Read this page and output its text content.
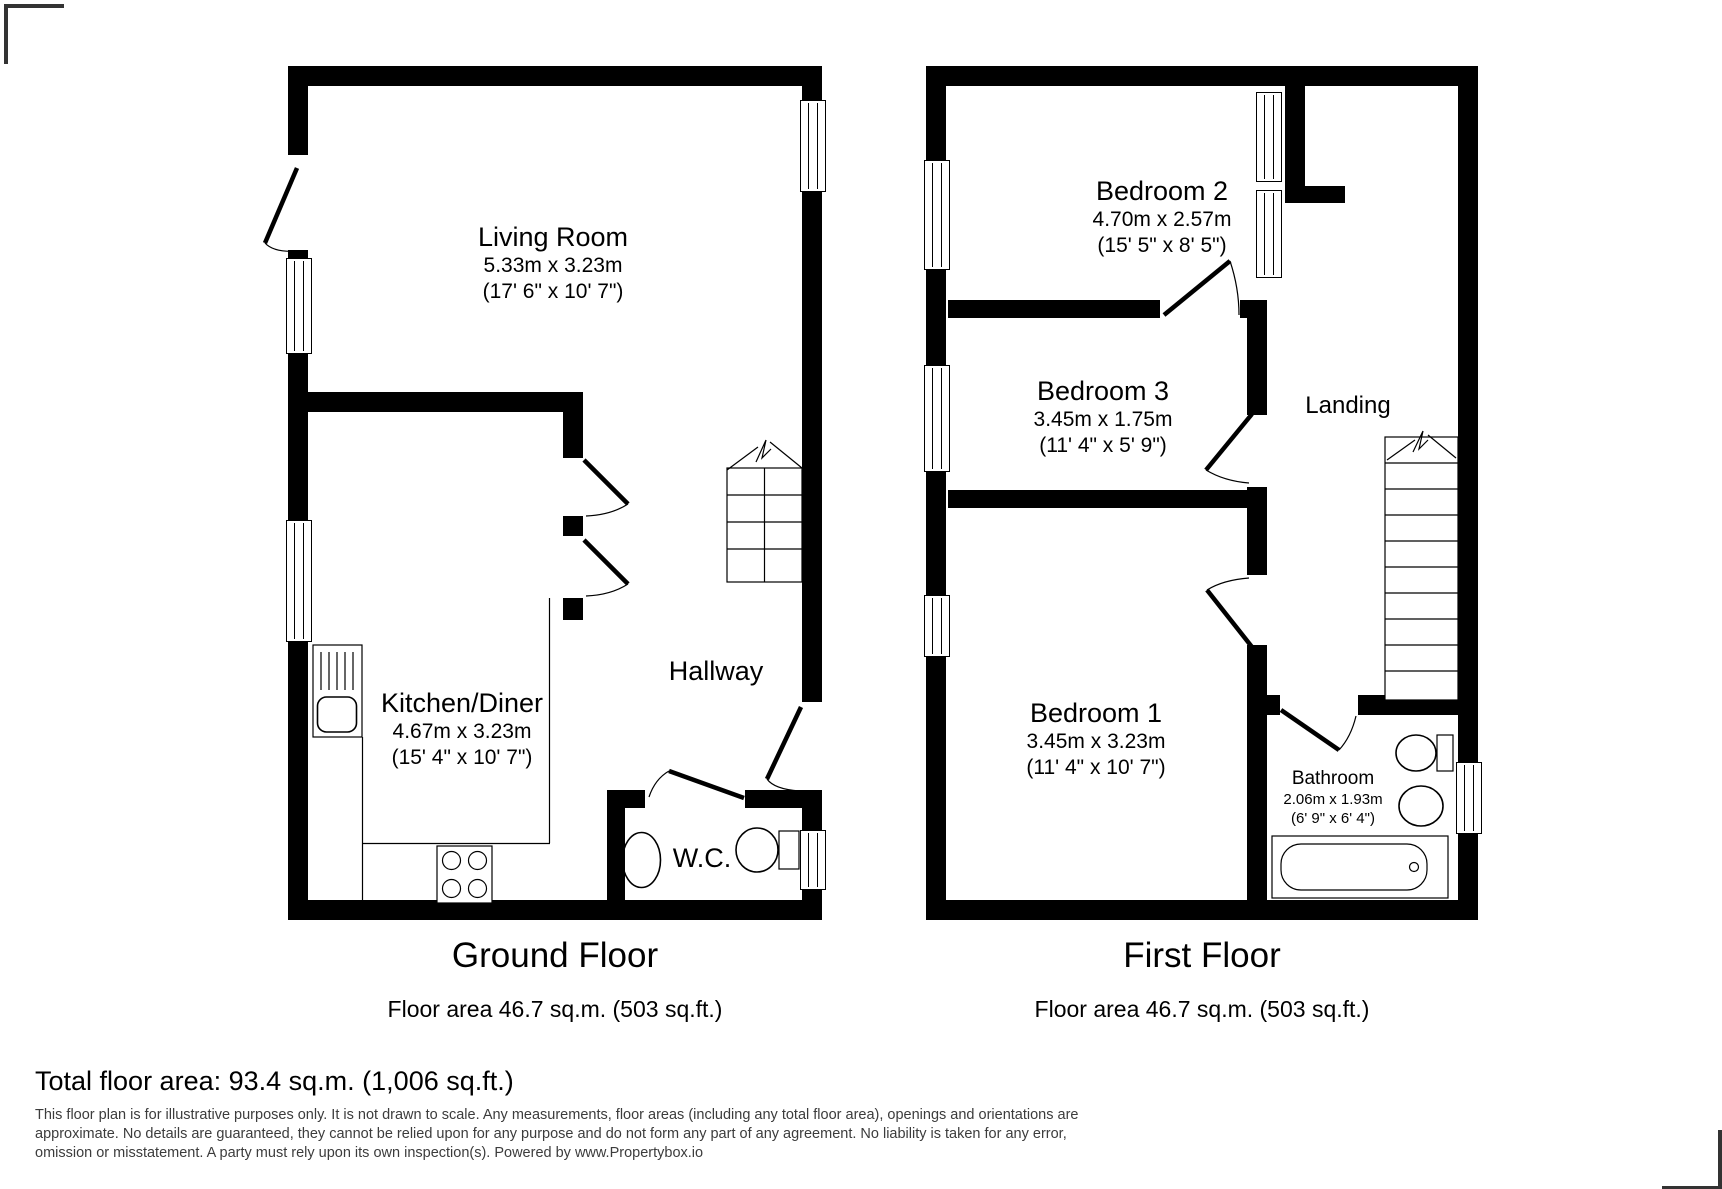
Living Room
5.33m x 3.23m
(17' 6" x 10' 7")
Kitchen/Diner
4.67m x 3.23m
(15' 4" x 10' 7")
Hallway
W.C.
Bedroom 2
4.70m x 2.57m
(15' 5" x 8' 5")
Bedroom 3
3.45m x 1.75m
(11' 4" x 5' 9")
Bedroom 1
3.45m x 3.23m
(11' 4" x 10' 7")
Landing
Bathroom
2.06m x 1.93m
(6' 9" x 6' 4")
Ground Floor
Floor area 46.7 sq.m. (503 sq.ft.)
First Floor
Floor area 46.7 sq.m. (503 sq.ft.)
Total floor area: 93.4 sq.m. (1,006 sq.ft.)
This floor plan is for illustrative purposes only. It is not drawn to scale. Any measurements, floor areas (including any total floor area), openings and orientations are
approximate. No details are guaranteed, they cannot be relied upon for any purpose and do not form any part of any agreement. No liability is taken for any error,
omission or misstatement. A party must rely upon its own inspection(s). Powered by www.Propertybox.io
